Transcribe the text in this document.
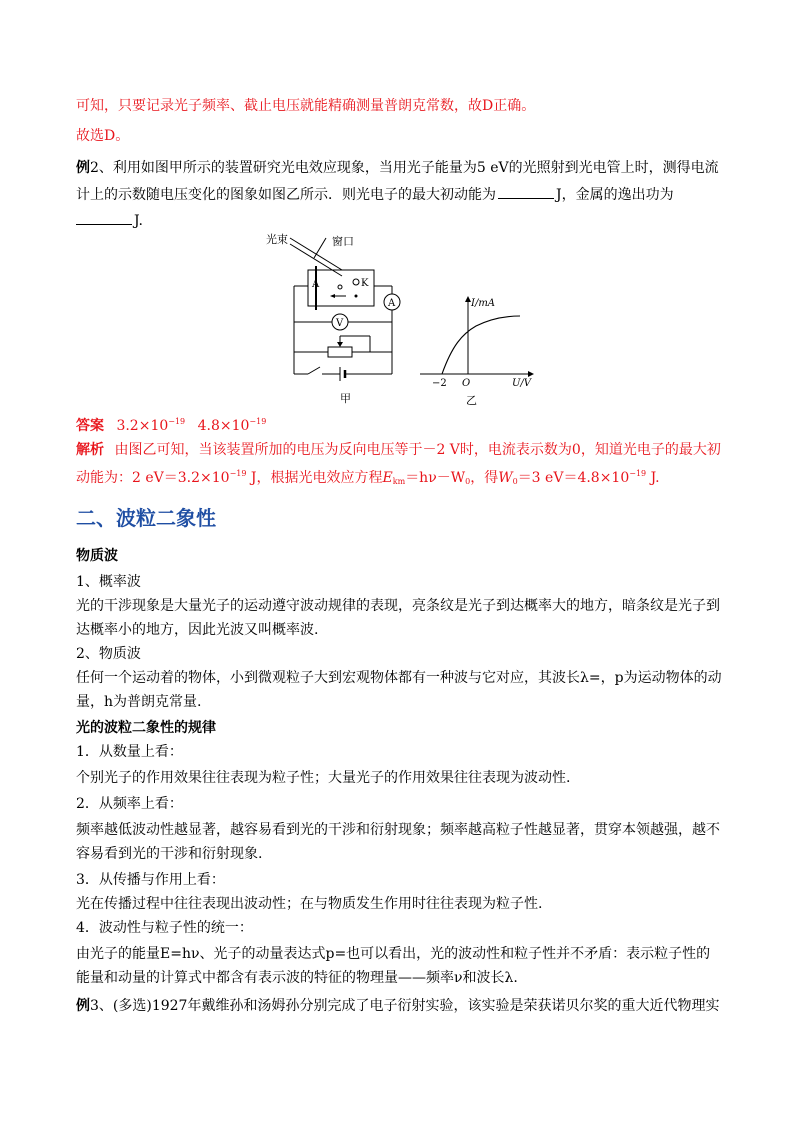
可知，只要记录光子频率、截止电压就能精确测量普朗克常数，故D正确。
故选D。
例2、利用如图甲所示的装置研究光电效应现象，当用光子能量为5 eV的光照射到光电管上时，测得电流
计上的示数随电压变化的图象如图乙所示．则光电子的最大初动能为	J，金属的逸出功为
J.
光束	窗口
A	K
A
V
甲
I/mA
U/V
−2 O
乙
答案 $3.2\times 10^{-19}$ $4.8\times 10^{-19}$
解析 由图乙可知，当该装置所加的电压为反向电压等于－2 V时，电流表示数为0，知道光电子的最大初
动能为：2 $eV=3.2\times 10^{-19}$ J，根据光电效应方程$E_{km}=h\nu-W_0$，得$W_0=3$ $eV=4.8\times 10^{-19}$ J.
二、波粒二象性
物质波
1、概率波
光的干涉现象是大量光子的运动遵守波动规律的表现，亮条纹是光子到达概率大的地方，暗条纹是光子到
达概率小的地方，因此光波又叫概率波.
2、物质波
任何一个运动着的物体，小到微观粒子大到宏观物体都有一种波与它对应，其波长λ=，p为运动物体的动
量，h为普朗克常量.
光的波粒二象性的规律
1．从数量上看：
个别光子的作用效果往往表现为粒子性；大量光子的作用效果往往表现为波动性.
2．从频率上看：
频率越低波动性越显著，越容易看到光的干涉和衍射现象；频率越高粒子性越显著，贯穿本领越强，越不
容易看到光的干涉和衍射现象.
3．从传播与作用上看：
光在传播过程中往往表现出波动性；在与物质发生作用时往往表现为粒子性.
4．波动性与粒子性的统一：
由光子的能量E=hν、光子的动量表达式p=也可以看出，光的波动性和粒子性并不矛盾：表示粒子性的
能量和动量的计算式中都含有表示波的特征的物理量——频率ν和波长λ.
例3、(多选)1927年戴维孙和汤姆孙分别完成了电子衍射实验，该实验是荣获诺贝尔奖的重大近代物理实
